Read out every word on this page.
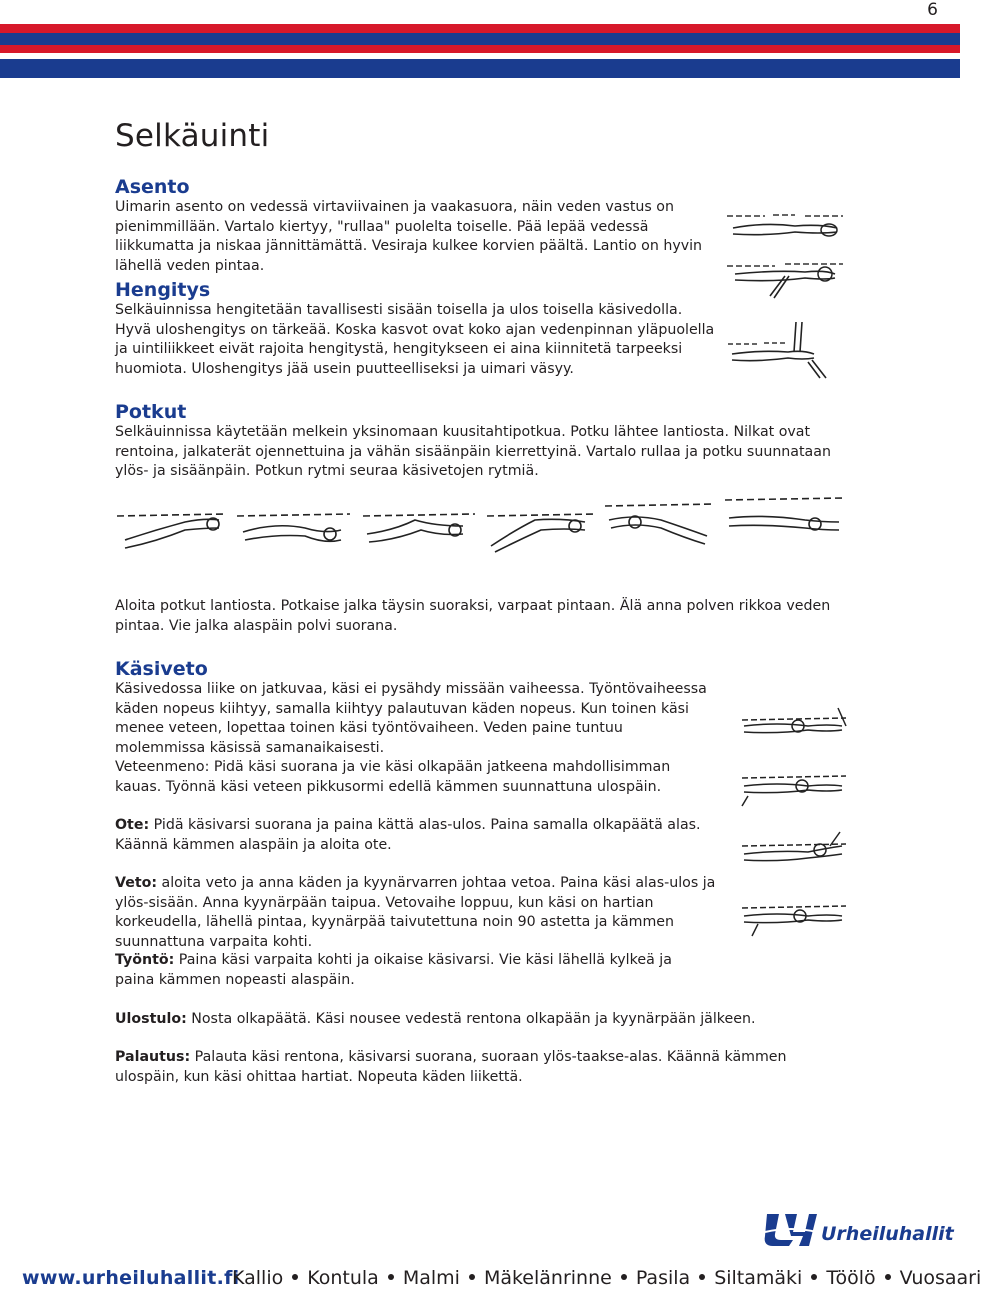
6
Selkäuinti
Asento

Uimarin asento on vedessä virtaviivainen ja vaakasuora, näin veden vastus on pienimmillään. Vartalo kiertyy, "rullaa" puolelta toiselle. Pää lepää vedessä liikkumatta ja niskaa jännittämättä. Vesiraja kulkee korvien päältä. Lantio on hyvin lähellä veden pintaa.

Hengitys

Selkäuinnissa hengitetään tavallisesti sisään toisella ja ulos toisella käsivedolla. Hyvä uloshengitys on tärkeää. Koska kasvot ovat koko ajan vedenpinnan yläpuolella ja uintiliikkeet eivät rajoita hengitystä, hengitykseen ei aina kiinnitetä tarpeeksi huomiota. Uloshengitys jää usein puutteelliseksi ja uimari väsyy.

Potkut

Selkäuinnissa käytetään melkein yksinomaan kuusitahtipotkua. Potku lähtee lantiosta. Nilkat ovat rentoina, jalkaterät ojennettuina ja vähän sisäänpäin kierrettyinä. Vartalo rullaa ja potku suunnataan ylös- ja sisäänpäin. Potkun rytmi seuraa käsivetojen rytmiä.

Aloita potkut lantiosta. Potkaise jalka täysin suoraksi, varpaat pintaan. Älä anna polven rikkoa veden pintaa. Vie jalka alaspäin polvi suorana.

Käsiveto

Käsivedossa liike on jatkuvaa, käsi ei pysähdy missään vaiheessa. Työntövaiheessa käden nopeus kiihtyy, samalla kiihtyy palautuvan käden nopeus. Kun toinen käsi menee veteen, lopettaa toinen käsi työntövaiheen. Veden paine tuntuu molemmissa käsissä samanaikaisesti.

Veteenmeno: Pidä käsi suorana ja vie käsi olkapään jatkeena mahdollisimman kauas. Työnnä käsi veteen pikkusormi edellä kämmen suunnattuna ulospäin.

Ote: Pidä käsivarsi suorana ja paina kättä alas-ulos. Paina samalla olkapäätä alas. Käännä kämmen alaspäin ja aloita ote.

Veto: aloita veto ja anna käden ja kyynärvarren johtaa vetoa. Paina käsi alas-ulos ja ylös-sisään. Anna kyynärpään taipua. Vetovaihe loppuu, kun käsi on hartian korkeudella, lähellä pintaa, kyynärpää taivutettuna noin 90 astetta ja kämmen suunnattuna varpaita kohti.

Työntö: Paina käsi varpaita kohti ja oikaise käsivarsi. Vie käsi lähellä kylkeä ja paina kämmen nopeasti alaspäin.

Ulostulo: Nosta olkapäätä. Käsi nousee vedestä rentona olkapään ja kyynärpään jälkeen.

Palautus: Palauta käsi rentona, käsivarsi suorana, suoraan ylös-taakse-alas. Käännä kämmen ulospäin, kun käsi ohittaa hartiat. Nopeuta käden liikettä.

Urheiluhallit
www.urheiluhallit.fi
Kallio Kontula Malmi Mäkelänrinne Pasila Siltamäki Töölö Vuosaari
